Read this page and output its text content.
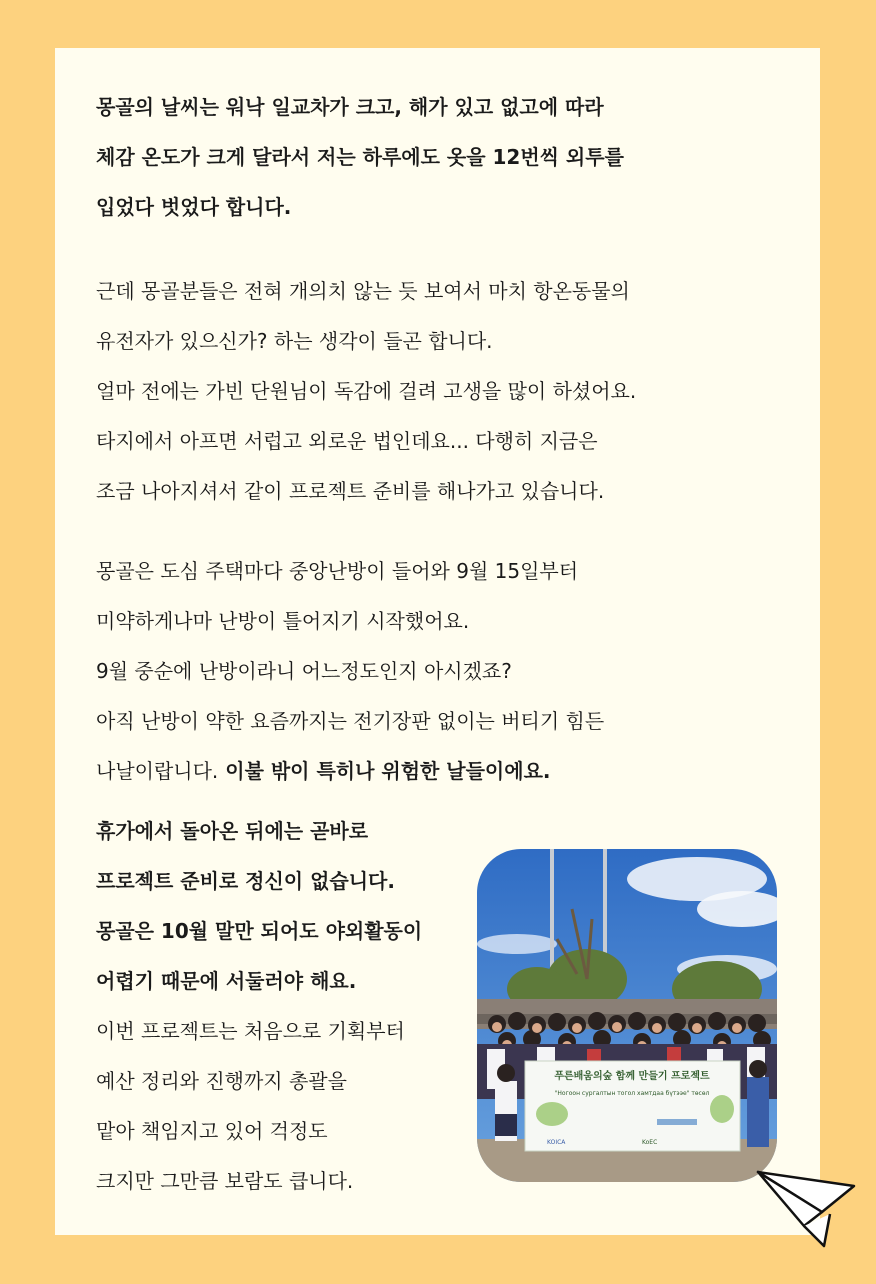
몽골의 날씨는 워낙 일교차가 크고, 해가 있고 없고에 따라
체감 온도가 크게 달라서 저는 하루에도 옷을 12번씩 외투를
입었다 벗었다 합니다.
근데 몽골분들은 전혀 개의치 않는 듯 보여서 마치 항온동물의
유전자가 있으신가? 하는 생각이 들곤 합니다.
얼마 전에는 가빈 단원님이 독감에 걸려 고생을 많이 하셨어요.
타지에서 아프면 서럽고 외로운 법인데요... 다행히 지금은
조금 나아지셔서 같이 프로젝트 준비를 해나가고 있습니다.
몽골은 도심 주택마다 중앙난방이 들어와 9월 15일부터
미약하게나마 난방이 틀어지기 시작했어요.
9월 중순에 난방이라니 어느정도인지 아시겠죠?
아직 난방이 약한 요즘까지는 전기장판 없이는 버티기 힘든
나날이랍니다. 이불 밖이 특히나 위험한 날들이에요.
휴가에서 돌아온 뒤에는 곧바로
프로젝트 준비로 정신이 없습니다.
몽골은 10월 말만 되어도 야외활동이
어렵기 때문에 서둘러야 해요.
이번 프로젝트는 처음으로 기획부터
예산 정리와 진행까지 총괄을
맡아 책임지고 있어 걱정도
크지만 그만큼 보람도 큽니다.
푸른배움의숲 함께 만들기 프로젝트
"Ногоон сургалтын тогол хамтдаа бүтээе" төсөл
KOICA	KoEC
